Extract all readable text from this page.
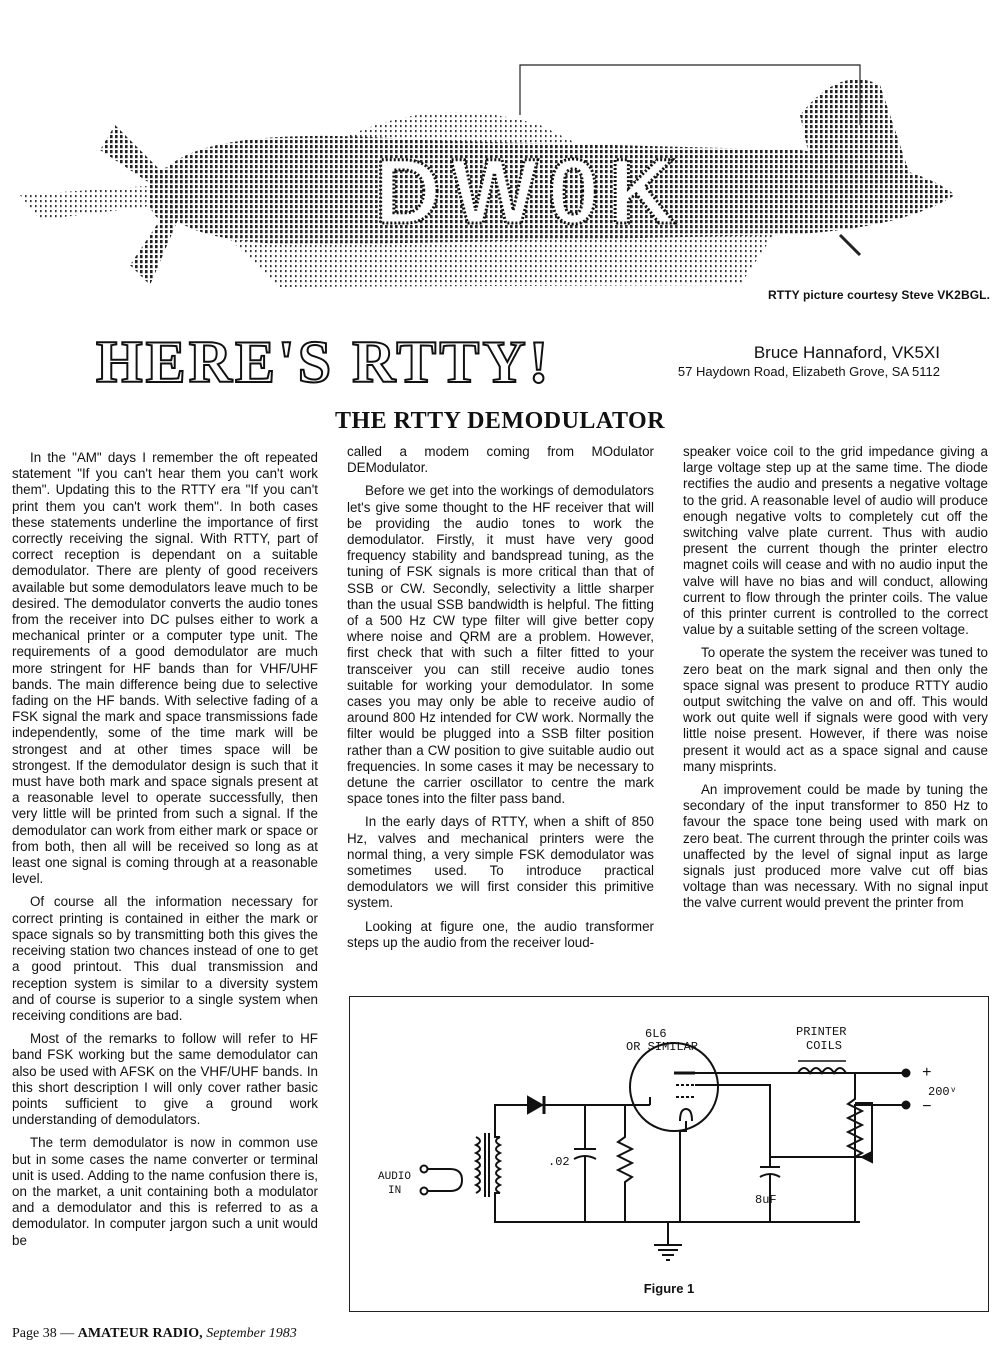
DW0K
RTTY picture courtesy Steve VK2BGL.
HERE'S RTTY!	Bruce Hannaford, VK5XI
57 Haydown Road, Elizabeth Grove, SA 5112
THE RTTY DEMODULATOR

In the "AM" days I remember the oft repeated statement "If you can't hear them you can't work them". Updating this to the RTTY era "If you can't print them you can't work them". In both cases these statements underline the importance of first correctly receiving the signal. With RTTY, part of correct reception is dependant on a suitable demodulator. There are plenty of good receivers available but some demodulators leave much to be desired. The demodulator converts the audio tones from the receiver into DC pulses either to work a mechanical printer or a computer type unit. The requirements of a good demodulator are much more stringent for HF bands than for VHF/UHF bands. The main difference being due to selective fading on the HF bands. With selective fading of a FSK signal the mark and space transmissions fade independently, some of the time mark will be strongest and at other times space will be strongest. If the demodulator design is such that it must have both mark and space signals present at a reasonable level to operate successfully, then very little will be printed from such a signal. If the demodulator can work from either mark or space or from both, then all will be received so long as at least one signal is coming through at a reasonable level.

Of course all the information necessary for correct printing is contained in either the mark or space signals so by transmitting both this gives the receiving station two chances instead of one to get a good printout. This dual transmission and reception system is similar to a diversity system and of course is superior to a single system when receiving conditions are bad.

Most of the remarks to follow will refer to HF band FSK working but the same demodulator can also be used with AFSK on the VHF/UHF bands. In this short description I will only cover rather basic points sufficient to give a ground work understanding of demodulators.

The term demodulator is now in common use but in some cases the name converter or terminal unit is used. Adding to the name confusion there is, on the market, a unit containing both a modulator and a demodulator and this is referred to as a demodulator. In computer jargon such a unit would be

called a modem coming from MOdulator DEModulator.

Before we get into the workings of demodulators let's give some thought to the HF receiver that will be providing the audio tones to work the demodulator. Firstly, it must have very good frequency stability and bandspread tuning, as the tuning of FSK signals is more critical than that of SSB or CW. Secondly, selectivity a little sharper than the usual SSB bandwidth is helpful. The fitting of a 500 Hz CW type filter will give better copy where noise and QRM are a problem. However, first check that with such a filter fitted to your transceiver you can still receive audio tones suitable for working your demodulator. In some cases you may only be able to receive audio of around 800 Hz intended for CW work. Normally the filter would be plugged into a SSB filter position rather than a CW position to give suitable audio out frequencies. In some cases it may be necessary to detune the carrier oscillator to centre the mark space tones into the filter pass band.

In the early days of RTTY, when a shift of 850 Hz, valves and mechanical printers were the normal thing, a very simple FSK demodulator was sometimes used. To introduce practical demodulators we will first consider this primitive system.

Looking at figure one, the audio transformer steps up the audio from the receiver loud-

speaker voice coil to the grid impedance giving a large voltage step up at the same time. The diode rectifies the audio and presents a negative voltage to the grid. A reasonable level of audio will produce enough negative volts to completely cut off the switching valve plate current. Thus with audio present the current though the printer electro magnet coils will cease and with no audio input the valve will have no bias and will conduct, allowing current to flow through the printer coils. The value of this printer current is controlled to the correct value by a suitable setting of the screen voltage.

To operate the system the receiver was tuned to zero beat on the mark signal and then only the space signal was present to produce RTTY audio output switching the valve on and off. This would work out quite well if signals were good with very little noise present. However, if there was noise present it would act as a space signal and cause many misprints.

An improvement could be made by tuning the secondary of the input transformer to 850 Hz to favour the space tone being used with mark on zero beat. The current through the printer coils was unaffected by the level of signal input as large signals just produced more valve cut off bias voltage than was necessary. With no signal input the valve current would prevent the printer from

AUDIO
IN
.02
6L6
OR SIMILAR
8uF
PRINTER
COILS
+
200ᵛ
−
Figure 1
Page 38 — AMATEUR RADIO, September 1983
